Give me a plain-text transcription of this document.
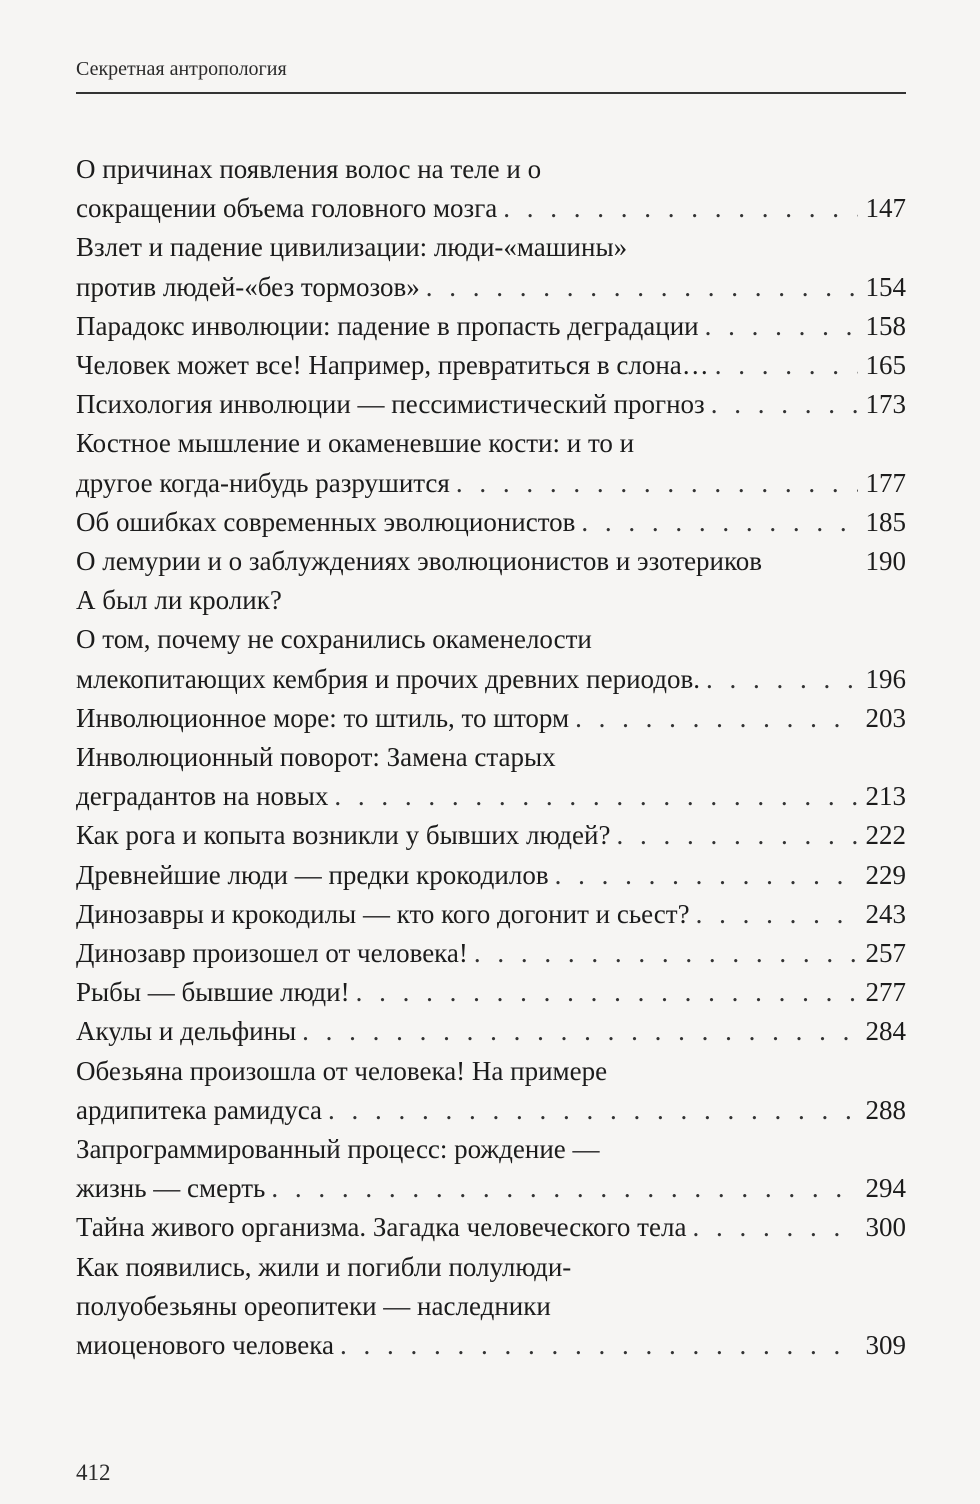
Секретная антропология
О причинах появления волос на теле и о
сокращении объема головного мозга . . .	147
Взлет и падение цивилизации: люди-«машины»
против людей-«без тормозов» . . .	154
Парадокс инволюции: падение в пропасть деградации . . .	158
Человек может все! Например, превратиться в слона… . . .	165
Психология инволюции — пессимистический прогноз . . .	173
Костное мышление и окаменевшие кости: и то и
другое когда-нибудь разрушится . . .	177
Об ошибках современных эволюционистов . . .	185
О лемурии и о заблуждениях эволюционистов и эзотериков	190
А был ли кролик?
О том, почему не сохранились окаменелости
млекопитающих кембрия и прочих древних периодов. . . .	196
Инволюционное море: то штиль, то шторм . . .	203
Инволюционный поворот: Замена старых
деградантов на новых . . .	213
Как рога и копыта возникли у бывших людей? . . .	222
Древнейшие люди — предки крокодилов . . .	229
Динозавры и крокодилы — кто кого догонит и сьест? . . .	243
Динозавр произошел от человека! . . .	257
Рыбы — бывшие люди! . . .	277
Акулы и дельфины . . .	284
Обезьяна произошла от человека! На примере
ардипитека рамидуса . . .	288
Запрограммированный процесс: рождение —
жизнь — смерть . . .	294
Тайна живого организма. Загадка человеческого тела . . .	300
Как появились, жили и погибли полулюди-
полуобезьяны ореопитеки — наследники
миоценового человека . . .	309
412
